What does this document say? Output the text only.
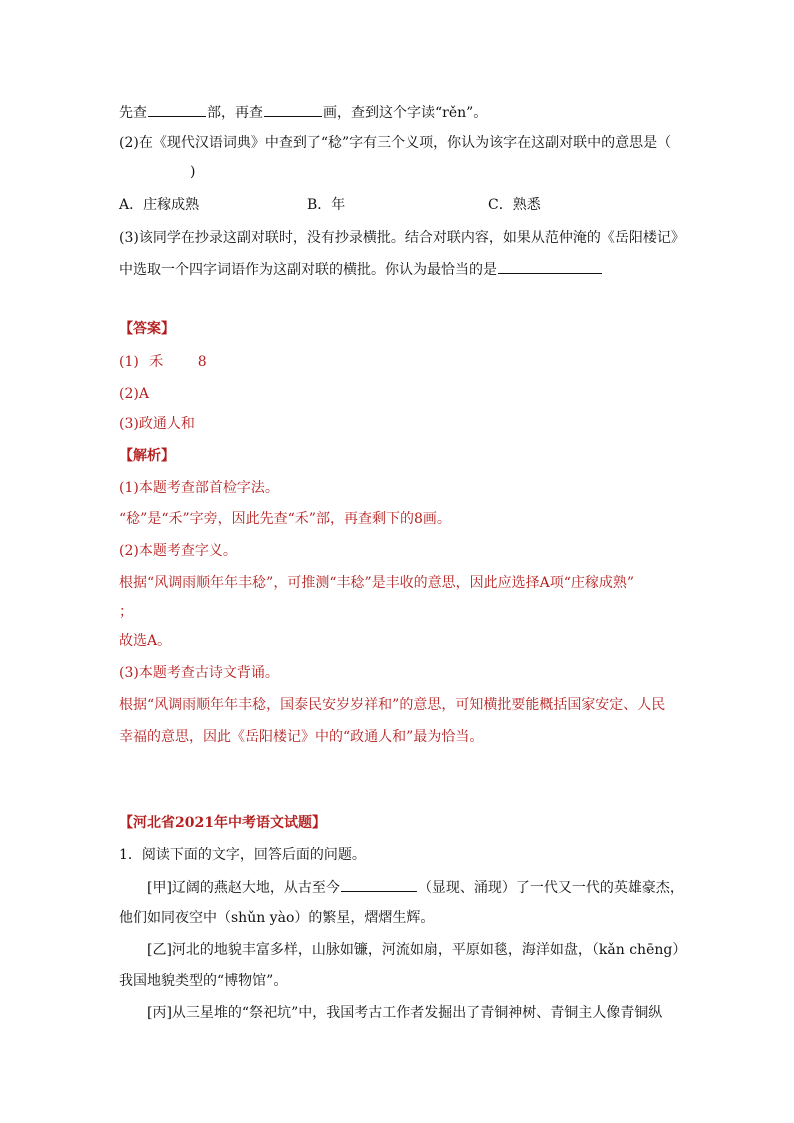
先查	部，再查	画，查到这个字读“rěn”。
(2)在《现代汉语词典》中查到了“稔”字有三个义项，你认为该字在这副对联中的意思是（
)
A．庄稼成熟	B．年	C．熟悉
(3)该同学在抄录这副对联时，没有抄录横批。结合对联内容，如果从范仲淹的《岳阳楼记》
中选取一个四字词语作为这副对联的横批。你认为最恰当的是
【答案】
(1) 禾 8
(2)A
(3)政通人和
【解析】
(1)本题考查部首检字法。
“稔”是“禾”字旁，因此先查“禾”部，再查剩下的8画。
(2)本题考查字义。
根据“风调雨顺年年丰稔”，可推测“丰稔”是丰收的意思，因此应选择A项“庄稼成熟”
；
故选A。
(3)本题考查古诗文背诵。
根据“风调雨顺年年丰稔，国泰民安岁岁祥和”的意思，可知横批要能概括国家安定、人民
幸福的意思，因此《岳阳楼记》中的“政通人和”最为恰当。
【河北省2021年中考语文试题】
1．阅读下面的文字，回答后面的问题。
[甲]辽阔的燕赵大地，从古至今	（显现、涌现）了一代又一代的英雄豪杰，
他们如同夜空中（shǔn yào）的繁星，熠熠生辉。
[乙]河北的地貌丰富多样，山脉如镰，河流如扇，平原如毯，海洋如盘，（kǎn chēng）
我国地貌类型的“博物馆”。
[丙]从三星堆的“祭祀坑”中，我国考古工作者发掘出了青铜神树、青铜主人像青铜纵
